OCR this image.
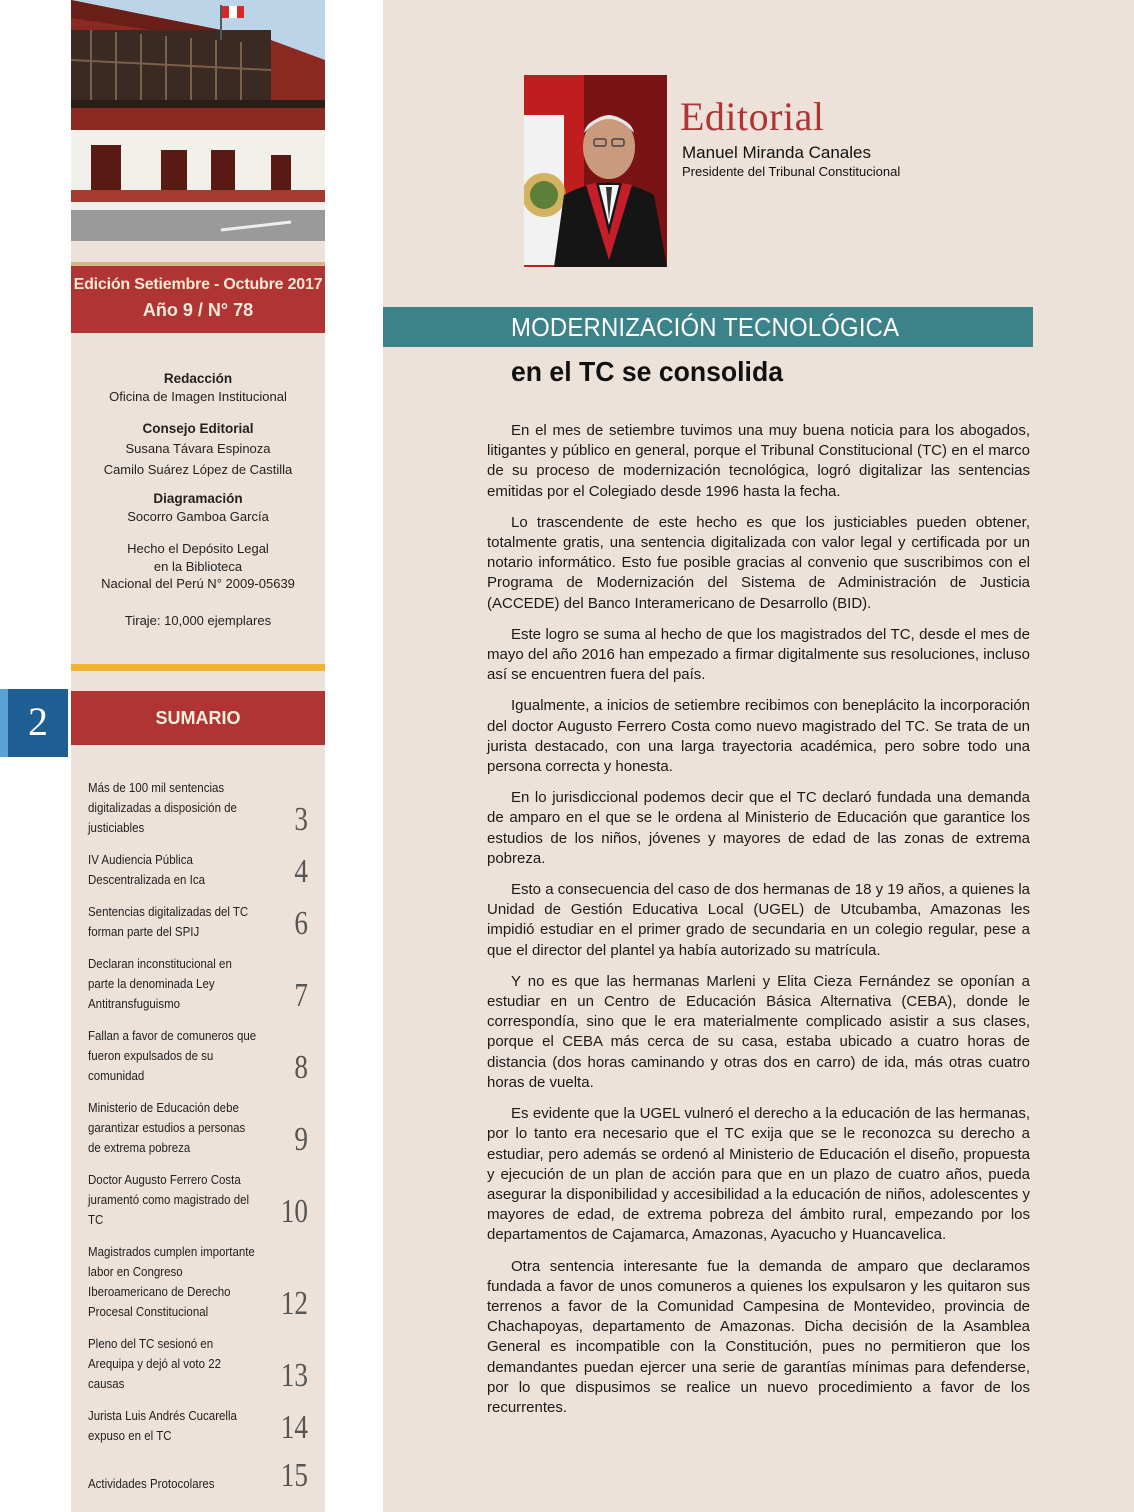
Edición Setiembre - Octubre 2017
Año 9 / N° 78
Redacción
Oficina de Imagen Institucional
Consejo Editorial
Susana Távara Espinoza
Camilo Suárez López de Castilla
Diagramación
Socorro Gamboa García
Hecho el Depósito Legal
en la Biblioteca
Nacional del Perú N° 2009-05639
Tiraje: 10,000 ejemplares
2	SUMARIO
Más de 100 mil sentencias digitalizadas a disposición de justiciables	3
IV Audiencia Pública Descentralizada en Ica	4
Sentencias digitalizadas del TC forman parte del SPIJ	6
Declaran inconstitucional en parte la denominada Ley Antitransfuguismo	7
Fallan a favor de comuneros que fueron expulsados de su comunidad	8
Ministerio de Educación debe garantizar estudios a personas de extrema pobreza	9
Doctor Augusto Ferrero Costa juramentó como magistrado del TC	10
Magistrados cumplen importante labor en Congreso Iberoamericano de Derecho Procesal Constitucional	12
Pleno del TC sesionó en Arequipa y dejó al voto 22 causas	13
Jurista Luis Andrés Cucarella expuso en el TC	14
Actividades Protocolares	15
Editorial
Manuel Miranda Canales
Presidente del Tribunal Constitucional
MODERNIZACIÓN TECNOLÓGICA
en el TC se consolida

En el mes de setiembre tuvimos una muy buena noticia para los abogados, litigantes y público en general, porque el Tribunal Constitucional (TC) en el marco de su proceso de modernización tecnológica, logró digitalizar las sentencias emitidas por el Colegiado desde 1996 hasta la fecha.

Lo trascendente de este hecho es que los justiciables pueden obtener, totalmente gratis, una sentencia digitalizada con valor legal y certificada por un notario informático. Esto fue posible gracias al convenio que suscribimos con el Programa de Modernización del Sistema de Administración de Justicia (ACCEDE) del Banco Interamericano de Desarrollo (BID).

Este logro se suma al hecho de que los magistrados del TC, desde el mes de mayo del año 2016 han empezado a firmar digitalmente sus resoluciones, incluso así se encuentren fuera del país.

Igualmente, a inicios de setiembre recibimos con beneplácito la incorporación del doctor Augusto Ferrero Costa como nuevo magistrado del TC. Se trata de un jurista destacado, con una larga trayectoria académica, pero sobre todo una persona correcta y honesta.

En lo jurisdiccional podemos decir que el TC declaró fundada una demanda de amparo en el que se le ordena al Ministerio de Educación que garantice los estudios de los niños, jóvenes y mayores de edad de las zonas de extrema pobreza.

Esto a consecuencia del caso de dos hermanas de 18 y 19 años, a quienes la Unidad de Gestión Educativa Local (UGEL) de Utcubamba, Amazonas les impidió estudiar en el primer grado de secundaria en un colegio regular, pese a que el director del plantel ya había autorizado su matrícula.

Y no es que las hermanas Marleni y Elita Cieza Fernández se oponían a estudiar en un Centro de Educación Básica Alternativa (CEBA), donde le correspondía, sino que le era materialmente complicado asistir a sus clases, porque el CEBA más cerca de su casa, estaba ubicado a cuatro horas de distancia (dos horas caminando y otras dos en carro) de ida, más otras cuatro horas de vuelta.

Es evidente que la UGEL vulneró el derecho a la educación de las hermanas, por lo tanto era necesario que el TC exija que se le reconozca su derecho a estudiar, pero además se ordenó al Ministerio de Educación el diseño, propuesta y ejecución de un plan de acción para que en un plazo de cuatro años, pueda asegurar la disponibilidad y accesibilidad a la educación de niños, adolescentes y mayores de edad, de extrema pobreza del ámbito rural, empezando por los departamentos de Cajamarca, Amazonas, Ayacucho y Huancavelica.

Otra sentencia interesante fue la demanda de amparo que declaramos fundada a favor de unos comuneros a quienes los expulsaron y les quitaron sus terrenos a favor de la Comunidad Campesina de Montevideo, provincia de Chachapoyas, departamento de Amazonas. Dicha decisión de la Asamblea General es incompatible con la Constitución, pues no permitieron que los demandantes puedan ejercer una serie de garantías mínimas para defenderse, por lo que dispusimos se realice un nuevo procedimiento a favor de los recurrentes.
